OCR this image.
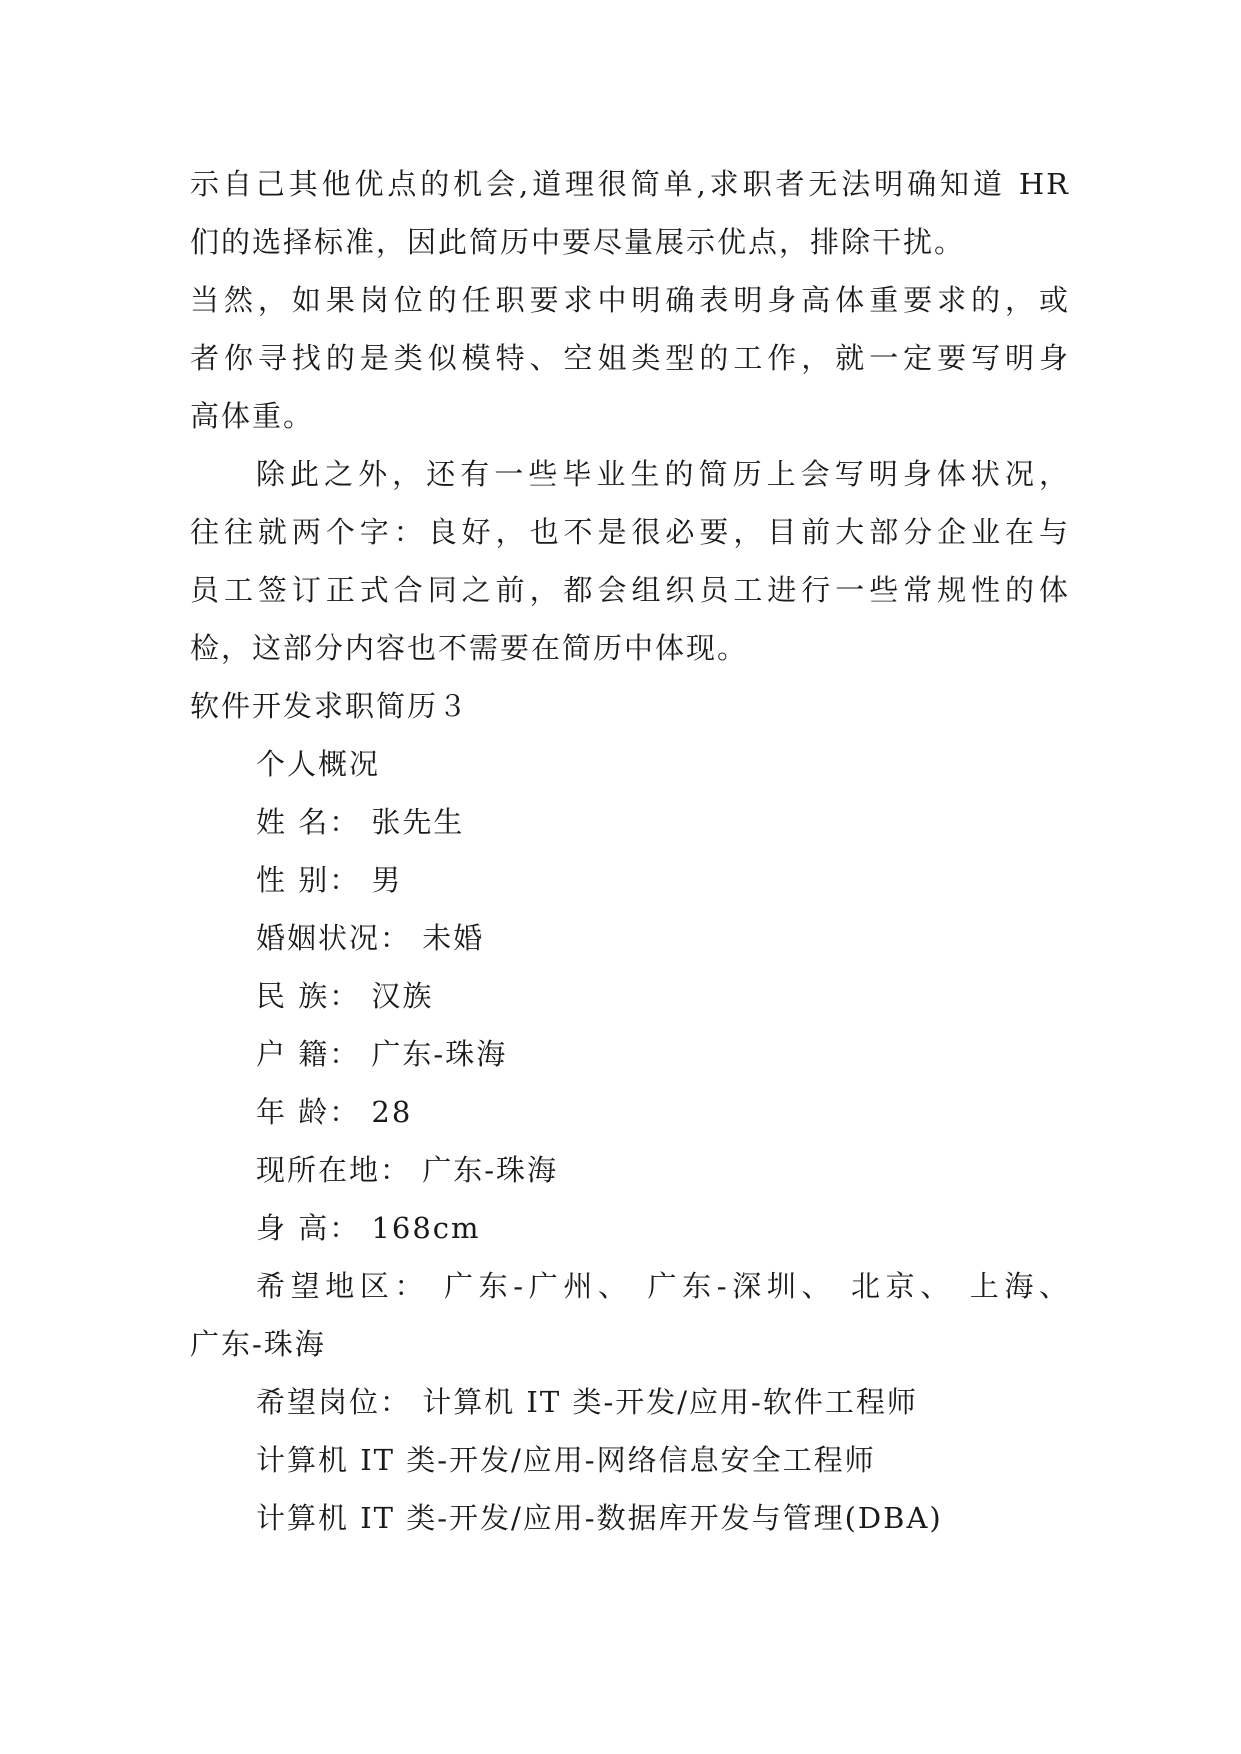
示自己其他优点的机会,道理很简单,求职者无法明确知道 HR
们的选择标准，因此简历中要尽量展示优点，排除干扰。
当然，如果岗位的任职要求中明确表明身高体重要求的，或
者你寻找的是类似模特、空姐类型的工作，就一定要写明身
高体重。
除此之外，还有一些毕业生的简历上会写明身体状况，
往往就两个字：良好，也不是很必要，目前大部分企业在与
员工签订正式合同之前，都会组织员工进行一些常规性的体
检，这部分内容也不需要在简历中体现。
软件开发求职简历３
个人概况
姓 名： 张先生
性 别： 男
婚姻状况： 未婚
民 族： 汉族
户 籍： 广东-珠海
年 龄： 28
现所在地： 广东-珠海
身 高： 168cm
希望地区： 广东-广州、 广东-深圳、 北京、 上海、
广东-珠海
希望岗位： 计算机 IT 类-开发/应用-软件工程师
计算机 IT 类-开发/应用-网络信息安全工程师
计算机 IT 类-开发/应用-数据库开发与管理(DBA)
